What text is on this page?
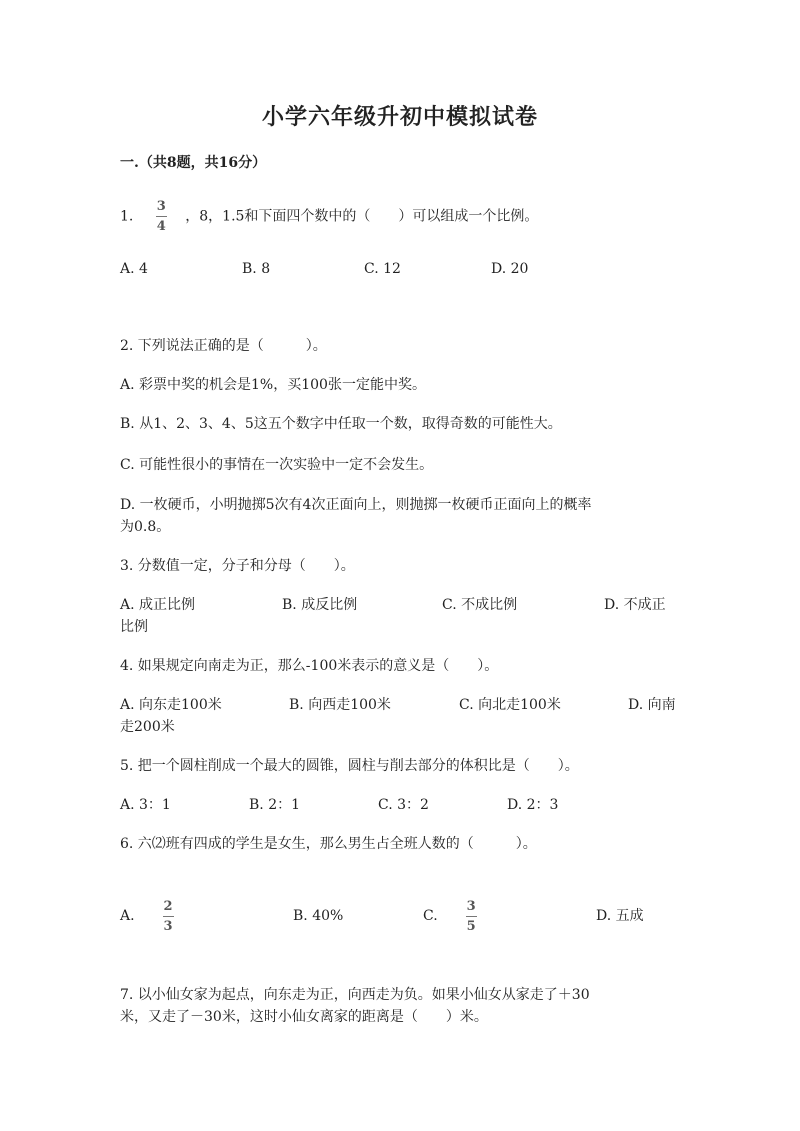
小学六年级升初中模拟试卷
一.（共8题，共16分）
1. $\frac{3}{4}$ ，8，1.5和下面四个数中的（　　）可以组成一个比例。
A. 4	B. 8	C. 12	D. 20
2. 下列说法正确的是（　　　）。
A. 彩票中奖的机会是1%，买100张一定能中奖。
B. 从1、2、3、4、5这五个数字中任取一个数，取得奇数的可能性大。
C. 可能性很小的事情在一次实验中一定不会发生。
D. 一枚硬币，小明抛掷5次有4次正面向上，则抛掷一枚硬币正面向上的概率
为0.8。
3. 分数值一定，分子和分母（　　）。
A. 成正比例	B. 成反比例	C. 不成比例	D. 不成正
比例
4. 如果规定向南走为正，那么-100米表示的意义是（　　）。
A. 向东走100米	B. 向西走100米	C. 向北走100米	D. 向南
走200米
5. 把一个圆柱削成一个最大的圆锥，圆柱与削去部分的体积比是（　　）。
A. 3：1	B. 2：1	C. 3：2	D. 2：3
6. 六⑵班有四成的学生是女生，那么男生占全班人数的（　　　）。
A. $\frac{2}{3}$	B. 40%	C. $\frac{3}{5}$	D. 五成
7. 以小仙女家为起点，向东走为正，向西走为负。如果小仙女从家走了＋30
米，又走了－30米，这时小仙女离家的距离是（　　）米。
